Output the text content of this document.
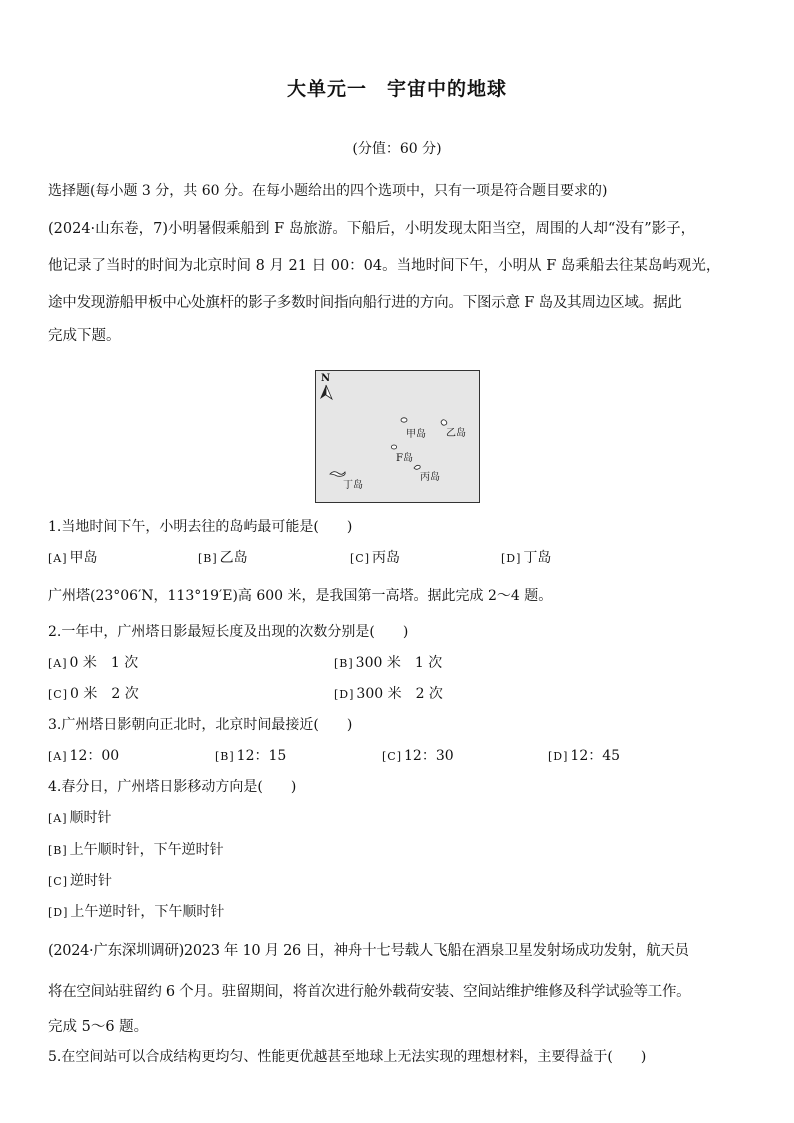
大单元一　宇宙中的地球
(分值：60 分)
选择题(每小题 3 分，共 60 分。在每小题给出的四个选项中，只有一项是符合题目要求的)

(2024·山东卷，7)小明暑假乘船到 F 岛旅游。下船后，小明发现太阳当空，周围的人却“没有”影子，

他记录了当时的时间为北京时间 8 月 21 日 00：04。当地时间下午，小明从 F 岛乘船去往某岛屿观光，

途中发现游船甲板中心处旗杆的影子多数时间指向船行进的方向。下图示意 F 岛及其周边区域。据此

完成下题。

N
甲岛 乙岛
F岛
丙岛
丁岛
1.当地时间下午，小明去往的岛屿最可能是(　　)
[A] 甲岛	[B] 乙岛	[C] 丙岛	[D] 丁岛
广州塔(23°06′N，113°19′E)高 600 米，是我国第一高塔。据此完成 2～4 题。
2.一年中，广州塔日影最短长度及出现的次数分别是(　　)
[A] 0 米　1 次	[B] 300 米　1 次
[C] 0 米　2 次	[D] 300 米　2 次
3.广州塔日影朝向正北时，北京时间最接近(　　)
[A] 12：00	[B] 12：15	[C] 12：30	[D] 12：45
4.春分日，广州塔日影移动方向是(　　)
[A] 顺时针
[B] 上午顺时针，下午逆时针
[C] 逆时针
[D] 上午逆时针，下午顺时针

(2024·广东深圳调研)2023 年 10 月 26 日，神舟十七号载人飞船在酒泉卫星发射场成功发射，航天员

将在空间站驻留约 6 个月。驻留期间，将首次进行舱外载荷安装、空间站维护维修及科学试验等工作。

完成 5～6 题。

5.在空间站可以合成结构更均匀、性能更优越甚至地球上无法实现的理想材料，主要得益于(　　)
